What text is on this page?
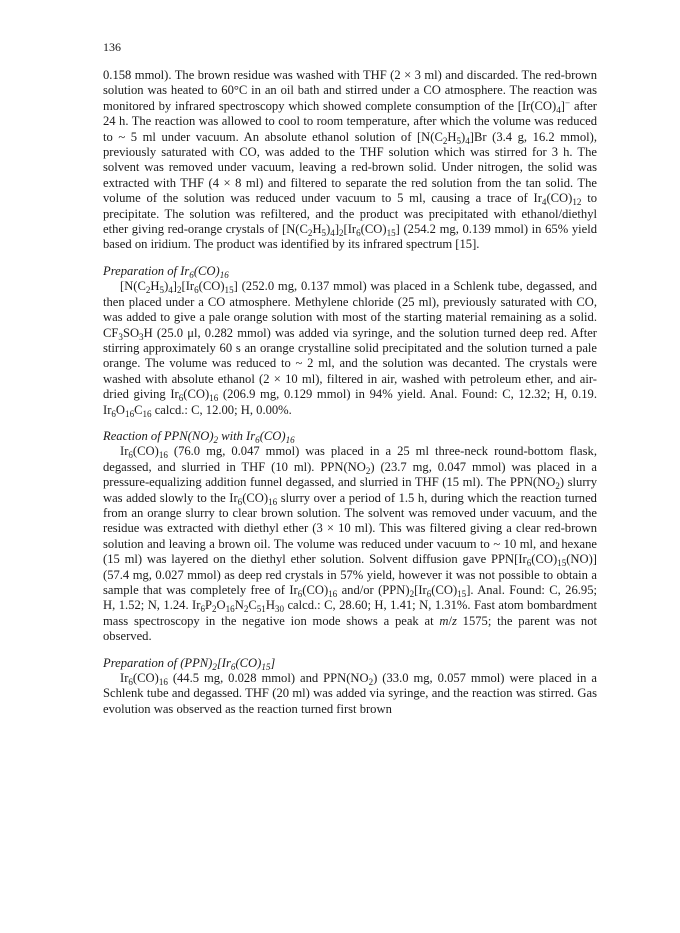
136

0.158 mmol). The brown residue was washed with THF (2 × 3 ml) and discarded. The red-brown solution was heated to 60°C in an oil bath and stirred under a CO atmosphere. The reaction was monitored by infrared spectroscopy which showed complete consumption of the $[Ir(CO)_4]^-$ after 24 h. The reaction was allowed to cool to room temperature, after which the volume was reduced to ~ 5 ml under vacuum. An absolute ethanol solution of $[N(C_2H_5)_4]Br$ (3.4 g, 16.2 mmol), previously saturated with CO, was added to the THF solution which was stirred for 3 h. The solvent was removed under vacuum, leaving a red-brown solid. Under nitrogen, the solid was extracted with THF (4 × 8 ml) and filtered to separate the red solution from the tan solid. The volume of the solution was reduced under vacuum to 5 ml, causing a trace of $Ir_4(CO)_{12}$ to precipitate. The solution was refiltered, and the product was precipitated with ethanol/diethyl ether giving red-orange crystals of $[N(C_2H_5)_4]_2[Ir_6(CO)_{15}]$ (254.2 mg, 0.139 mmol) in 65% yield based on iridium. The product was identified by its infrared spectrum [15].

Preparation of $Ir_6(CO)_{16}$

$[N(C_2H_5)_4]_2[Ir_6(CO)_{15}]$ (252.0 mg, 0.137 mmol) was placed in a Schlenk tube, degassed, and then placed under a CO atmosphere. Methylene chloride (25 ml), previously saturated with CO, was added to give a pale orange solution with most of the starting material remaining as a solid. $CF_3SO_3H$ (25.0 μl, 0.282 mmol) was added via syringe, and the solution turned deep red. After stirring approximately 60 s an orange crystalline solid precipitated and the solution turned a pale orange. The volume was reduced to ~ 2 ml, and the solution was decanted. The crystals were washed with absolute ethanol (2 × 10 ml), filtered in air, washed with petroleum ether, and air-dried giving $Ir_6(CO)_{16}$ (206.9 mg, 0.129 mmol) in 94% yield. Anal. Found: C, 12.32; H, 0.19. $Ir_6O_{16}C_{16}$ calcd.: C, 12.00; H, 0.00%.

Reaction of $PPN(NO)_2$ with $Ir_6(CO)_{16}$

$Ir_6(CO)_{16}$ (76.0 mg, 0.047 mmol) was placed in a 25 ml three-neck round-bottom flask, degassed, and slurried in THF (10 ml). $PPN(NO_2)$ (23.7 mg, 0.047 mmol) was placed in a pressure-equalizing addition funnel degassed, and slurried in THF (15 ml). The $PPN(NO_2)$ slurry was added slowly to the $Ir_6(CO)_{16}$ slurry over a period of 1.5 h, during which the reaction turned from an orange slurry to clear brown solution. The solvent was removed under vacuum, and the residue was extracted with diethyl ether (3 × 10 ml). This was filtered giving a clear red-brown solution and leaving a brown oil. The volume was reduced under vacuum to ~ 10 ml, and hexane (15 ml) was layered on the diethyl ether solution. Solvent diffusion gave $PPN[Ir_6(CO)_{15}(NO)]$ (57.4 mg, 0.027 mmol) as deep red crystals in 57% yield, however it was not possible to obtain a sample that was completely free of $Ir_6(CO)_{16}$ and/or $(PPN)_2[Ir_6(CO)_{15}]$. Anal. Found: C, 26.95; H, 1.52; N, 1.24. $Ir_6P_2O_{16}N_2C_{51}H_{30}$ calcd.: C, 28.60; H, 1.41; N, 1.31%. Fast atom bombardment mass spectroscopy in the negative ion mode shows a peak at m/z 1575; the parent was not observed.

Preparation of $(PPN)_2[Ir_6(CO)_{15}]$

$Ir_6(CO)_{16}$ (44.5 mg, 0.028 mmol) and $PPN(NO_2)$ (33.0 mg, 0.057 mmol) were placed in a Schlenk tube and degassed. THF (20 ml) was added via syringe, and the reaction was stirred. Gas evolution was observed as the reaction turned first brown
